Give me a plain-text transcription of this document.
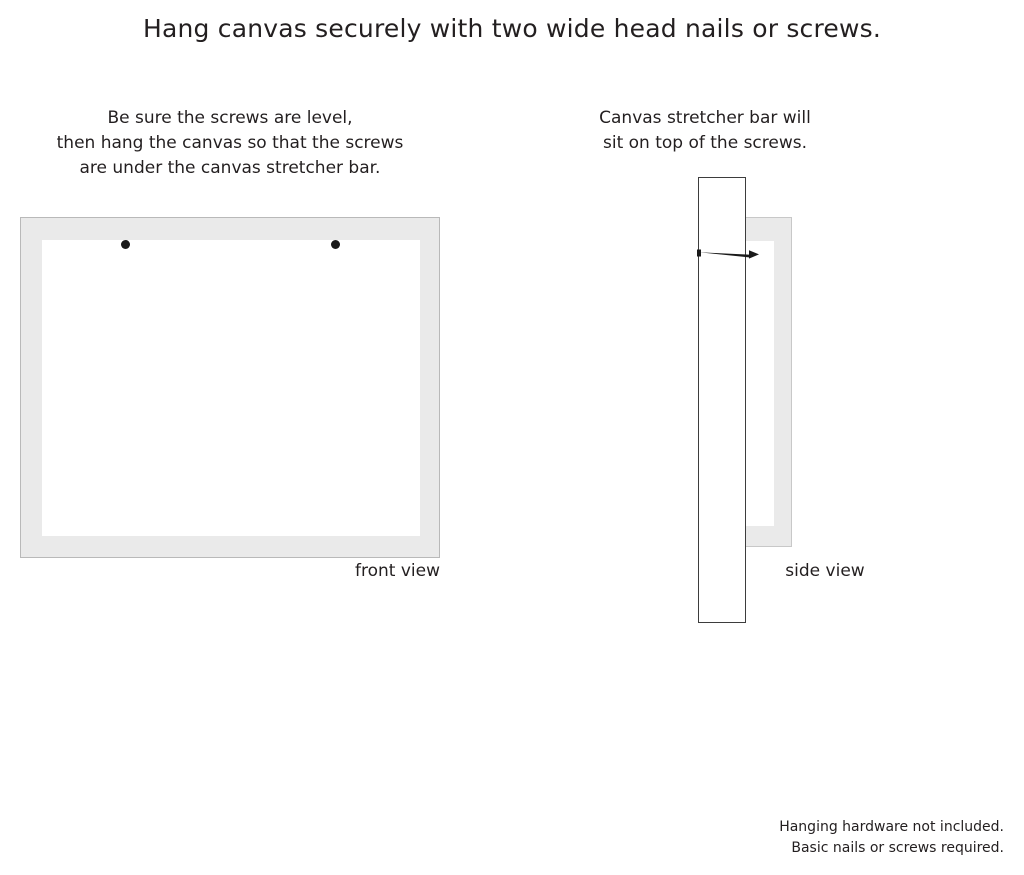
Hang canvas securely with two wide head nails or screws.
Be sure the screws are level,
then hang the canvas so that the screws
are under the canvas stretcher bar.
front view
Canvas stretcher bar will
sit on top of the screws.
side view
Hanging hardware not included.
Basic nails or screws required.
